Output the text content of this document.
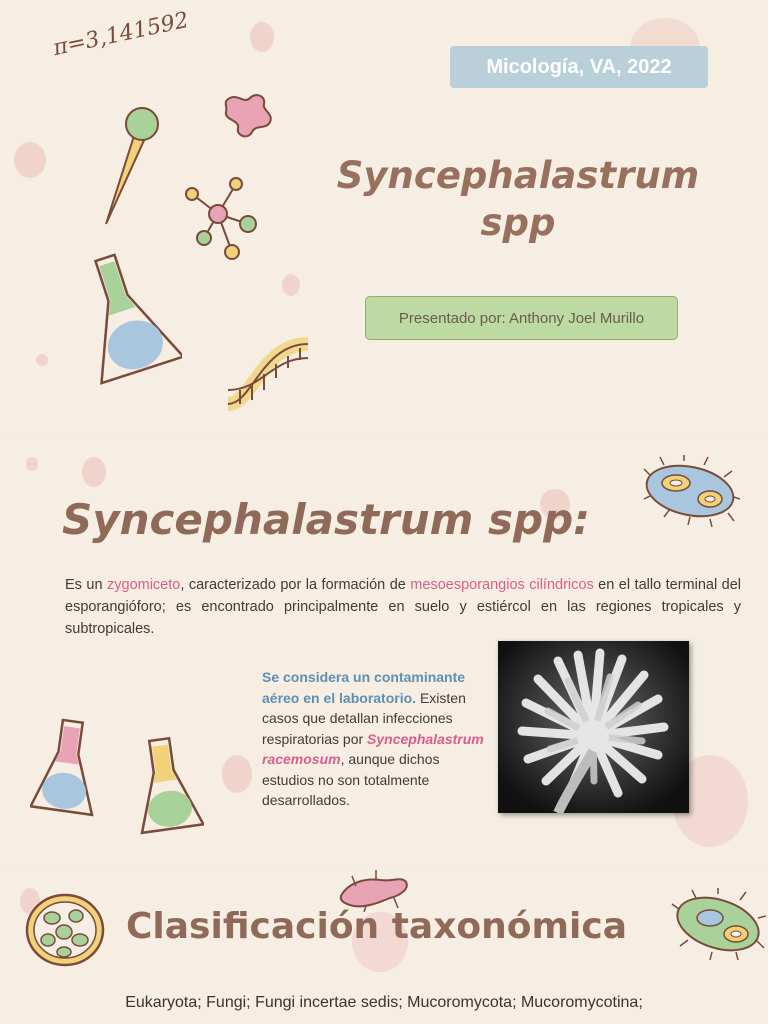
π=3,141592
Micología, VA, 2022
Syncephalastrum spp
Presentado por: Anthony Joel Murillo
Syncephalastrum spp:

Es un zygomiceto, caracterizado por la formación de mesoesporangios cilíndricos en el tallo terminal del esporangióforo; es encontrado principalmente en suelo y estiércol en las regiones tropicales y subtropicales.

Se considera un contaminante aéreo en el laboratorio. Existen casos que detallan infecciones respiratorias por Syncephalastrum racemosum, aunque dichos estudios no son totalmente desarrollados.

Clasificación taxonómica
Eukaryota; Fungi; Fungi incertae sedis; Mucoromycota; Mucoromycotina;
